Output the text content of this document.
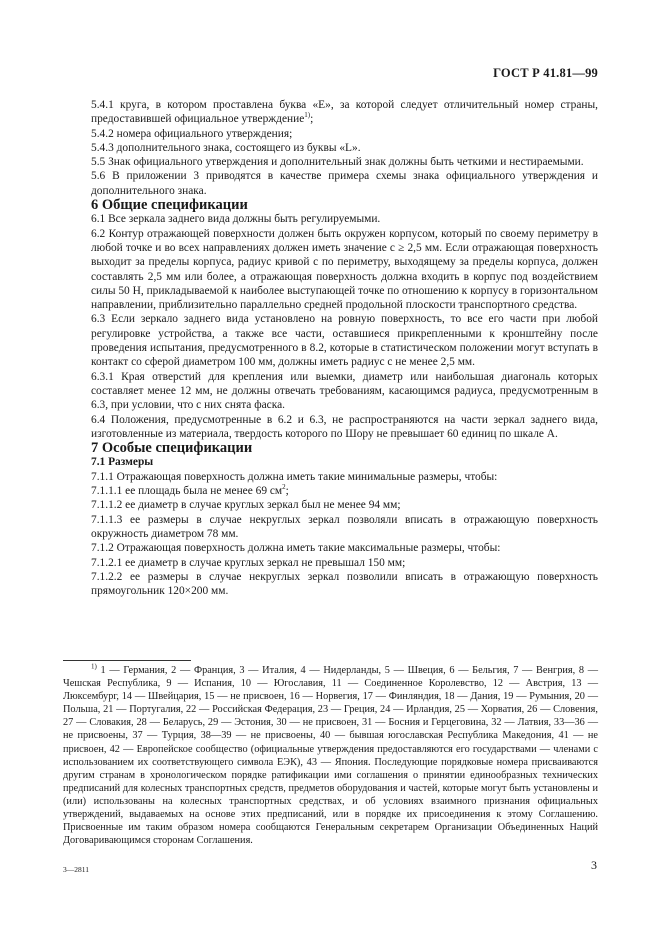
ГОСТ Р 41.81—99

5.4.1 круга, в котором проставлена буква «Е», за которой следует отличительный номер страны, предоставившей официальное утверждение$^{1)}$;

5.4.2 номера официального утверждения;

5.4.3 дополнительного знака, состоящего из буквы «L».

5.5 Знак официального утверждения и дополнительный знак должны быть четкими и нестираемыми.

5.6 В приложении 3 приводятся в качестве примера схемы знака официального утверждения и дополнительного знака.

6 Общие спецификации

6.1 Все зеркала заднего вида должны быть регулируемыми.

6.2 Контур отражающей поверхности должен быть окружен корпусом, который по своему периметру в любой точке и во всех направлениях должен иметь значение c ≥ 2,5 мм. Если отражающая поверхность выходит за пределы корпуса, радиус кривой c по периметру, выходящему за пределы корпуса, должен составлять 2,5 мм или более, а отражающая поверхность должна входить в корпус под воздействием силы 50 Н, прикладываемой к наиболее выступающей точке по отношению к корпусу в горизонтальном направлении, приблизительно параллельно средней продольной плоскости транспортного средства.

6.3 Если зеркало заднего вида установлено на ровную поверхность, то все его части при любой регулировке устройства, а также все части, оставшиеся прикрепленными к кронштейну после проведения испытания, предусмотренного в 8.2, которые в статистическом положении могут вступать в контакт со сферой диаметром 100 мм, должны иметь радиус c не менее 2,5 мм.

6.3.1 Края отверстий для крепления или выемки, диаметр или наибольшая диагональ которых составляет менее 12 мм, не должны отвечать требованиям, касающимся радиуса, предусмотренным в 6.3, при условии, что с них снята фаска.

6.4 Положения, предусмотренные в 6.2 и 6.3, не распространяются на части зеркал заднего вида, изготовленные из материала, твердость которого по Шору не превышает 60 единиц по шкале А.

7 Особые спецификации

7.1 Размеры

7.1.1 Отражающая поверхность должна иметь такие минимальные размеры, чтобы:

7.1.1.1 ее площадь была не менее 69 $см^2$;

7.1.1.2 ее диаметр в случае круглых зеркал был не менее 94 мм;

7.1.1.3 ее размеры в случае некруглых зеркал позволяли вписать в отражающую поверхность окружность диаметром 78 мм.

7.1.2 Отражающая поверхность должна иметь такие максимальные размеры, чтобы:

7.1.2.1 ее диаметр в случае круглых зеркал не превышал 150 мм;

7.1.2.2 ее размеры в случае некруглых зеркал позволили вписать в отражающую поверхность прямоугольник 120×200 мм.

$^{1)}$ 1 — Германия, 2 — Франция, 3 — Италия, 4 — Нидерланды, 5 — Швеция, 6 — Бельгия, 7 — Венгрия, 8 — Чешская Республика, 9 — Испания, 10 — Югославия, 11 — Соединенное Королевство, 12 — Австрия, 13 — Люксембург, 14 — Швейцария, 15 — не присвоен, 16 — Норвегия, 17 — Финляндия, 18 — Дания, 19 — Румыния, 20 — Польша, 21 — Португалия, 22 — Российская Федерация, 23 — Греция, 24 — Ирландия, 25 — Хорватия, 26 — Словения, 27 — Словакия, 28 — Беларусь, 29 — Эстония, 30 — не присвоен, 31 — Босния и Герцеговина, 32 — Латвия, 33—36 — не присвоены, 37 — Турция, 38—39 — не присвоены, 40 — бывшая югославская Республика Македония, 41 — не присвоен, 42 — Европейское сообщество (официальные утверждения предоставляются его государствами — членами с использованием их соответствующего символа ЕЭК), 43 — Япония. Последующие порядковые номера присваиваются другим странам в хронологическом порядке ратификации ими соглашения о принятии единообразных технических предписаний для колесных транспортных средств, предметов оборудования и частей, которые могут быть установлены и (или) использованы на колесных транспортных средствах, и об условиях взаимного признания официальных утверждений, выдаваемых на основе этих предписаний, или в порядке их присоединения к этому Соглашению. Присвоенные им таким образом номера сообщаются Генеральным секретарем Организации Объединенных Наций Договаривающимся сторонам Соглашения.
3—2811	3
